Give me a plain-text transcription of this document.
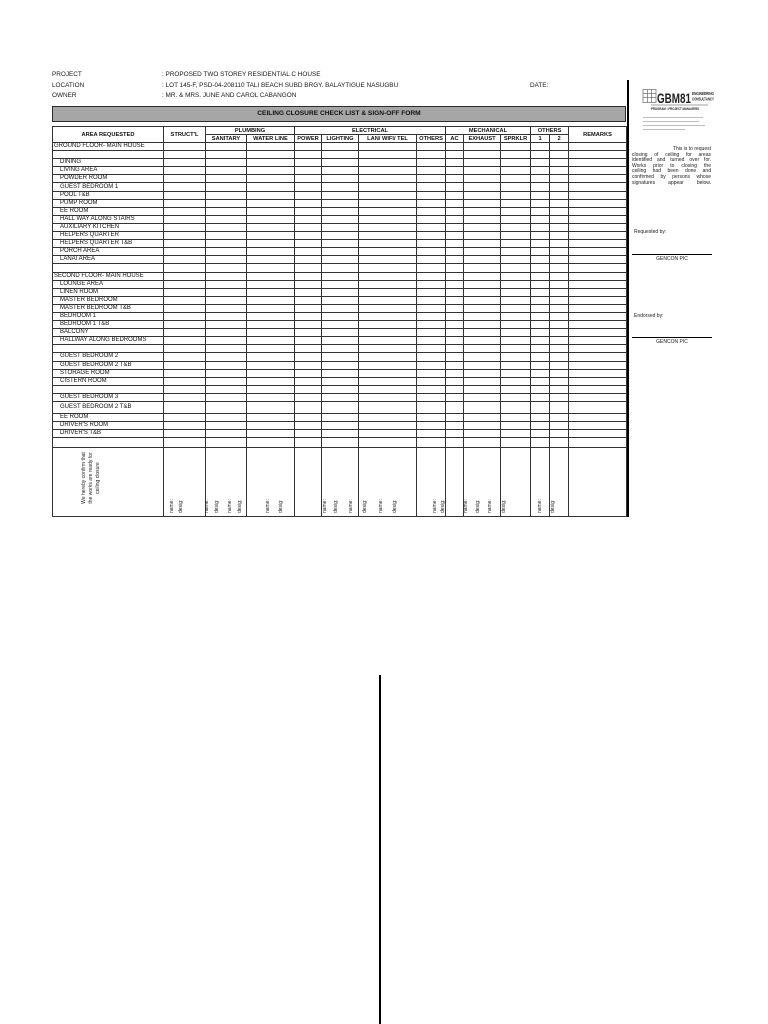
PROJECT	: PROPOSED TWO STOREY RESIDENTIAL C HOUSE
LOCATION	: LOT 145-F, PSD-04-208110 TALI BEACH SUBD BRGY. BALAYTIGUE NASUGBU
OWNER	: MR. & MRS. JUNE AND CAROL CABANGON
DATE:
CEILING CLOSURE CHECK LIST & SIGN-OFF FORM
AREA REQUESTED	STRUCT'L	PLUMBING		ELECTRICAL				MECHANICAL			OTHERS		REMARKS
		SANITARY	WATER LINE	POWER	LIGHTING	LAN/ WIFI/ TEL	OTHERS	AC	EXHAUST	SPRKLR	1	2	
GROUND FLOOR- MAIN HOUSE													

DINING													
LIVING AREA													
POWDER ROOM													
GUEST BEDROOM 1													
POOL T&B													
PUMP ROOM													
EE ROOM													
HALL WAY ALONG STAIRS													
AUXILIARY KITCHEN													
HELPERS QUARTER													
HELPERS QUARTER T&B													
PORCH AREA													
LANAI AREA													

SECOND FLOOR- MAIN HOUSE													
LOUNGE AREA													
LINEN ROOM													
MASTER BEDROOM													
MASTER BEDROOM T&B													
BEDROOM 1													
BEDROOM 1 T&B													
BALCONY													
HALLWAY ALONG BEDROOMS													

GUEST BEDROOM 2													
GUEST BEDROOM 2 T&B													
STORAGE ROOM													
CISTERN ROOM													

GUEST BEDROOM 3													
GUEST BEDROOM 2 T&B													
EE ROOM													
DRIVER'S ROOM													
DRIVER'S T&B													

We hereby confirm that the works are ready for ceiling closure
name: desig:	name: desig: name: desig:	name: desig:	name: desig: name: desig: name: desig:	name: desig:	name: desig: name: desig:	name: desig:
GBM81 ENGINEERING
CONSULTANCY
PROGRAM • PROJECT MANAGERS
This is to request
closing of ceiling for areas
identified and turned over for.
Works prior to closing the
ceiling had been done and
confirmed by persons whose
signatures appear below.
Requested by:
GENCON PIC
Endorsed by:
GENCON PIC
